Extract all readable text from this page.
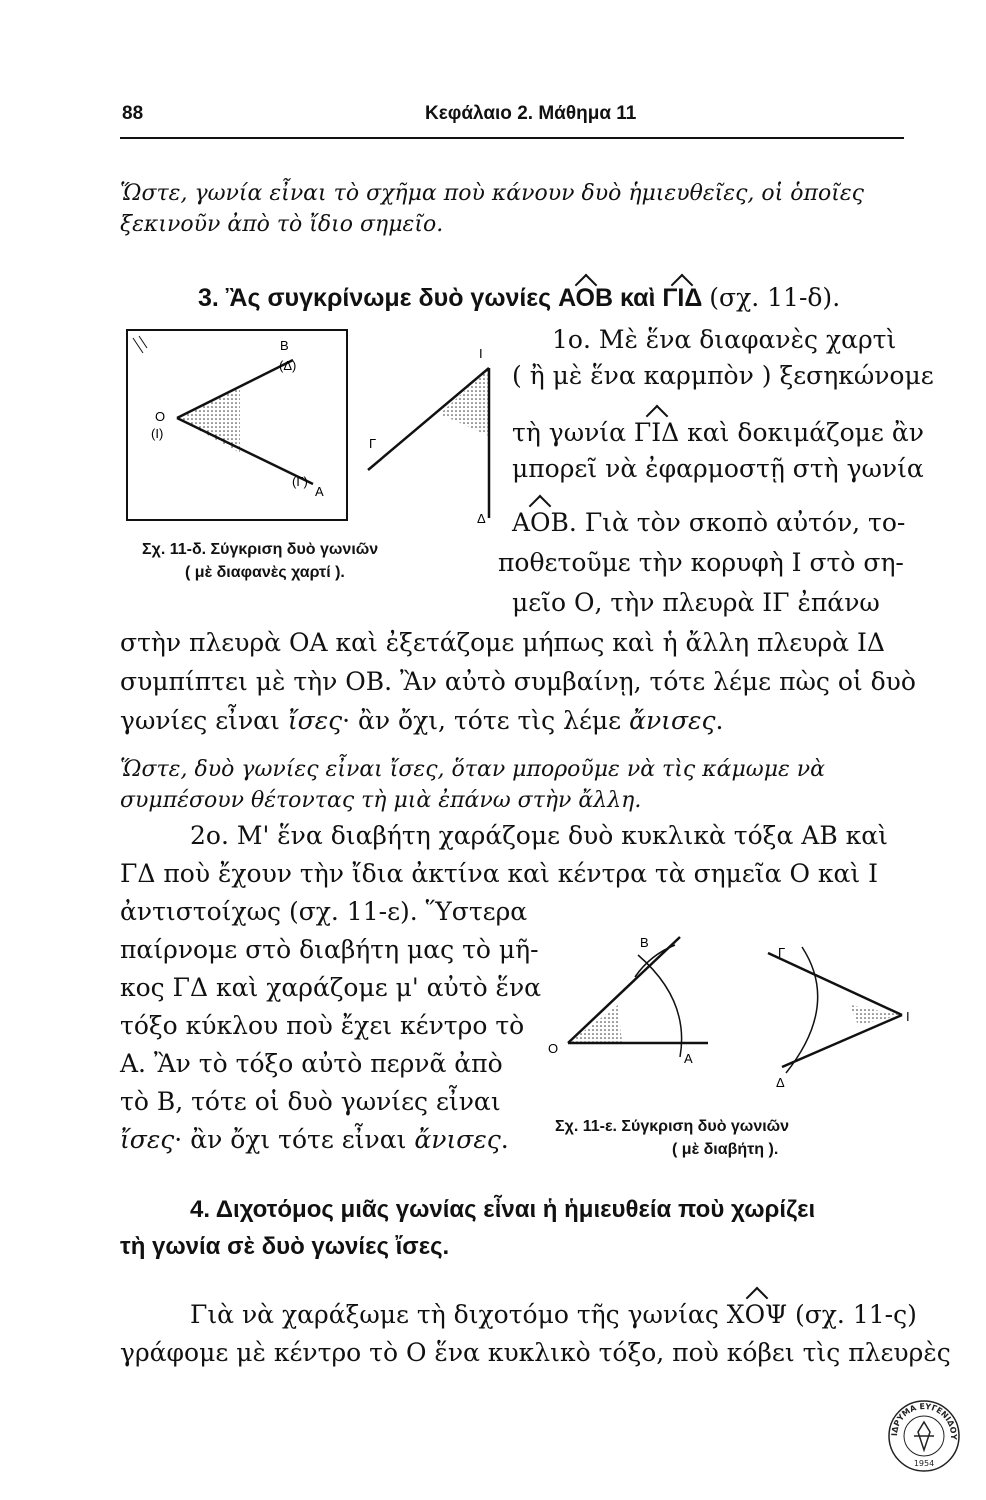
88	Κεφάλαιο 2. Μάθημα 11
Ὥστε, γωνία εἶναι τὸ σχῆμα ποὺ κάνουν δυὸ ἡμιευθεῖες, οἱ ὁποῖες ξεκινοῦν ἀπὸ τὸ ἴδιο σημεῖο.
3. Ἂς συγκρίνωμε δυὸ γωνίες ΑΟΒ καὶ ΓΙΔ (σχ. 11-δ).
O
(Ι)
B
(Δ)
A
(Γ)
Γ
I
Δ
Σχ. 11-δ. Σύγκριση δυὸ γωνιῶν
( μὲ διαφανὲς χαρτί ).
1ο. Μὲ ἕνα διαφανὲς χαρτὶ
( ἢ μὲ ἕνα καρμπὸν ) ξεσηκώνομε
τὴ γωνία ΓΙΔ καὶ δοκιμάζομε ἂν
μπορεῖ νὰ ἐφαρμοστῇ στὴ γωνία
ΑΟΒ. Γιὰ τὸν σκοπὸ αὐτόν, το-
ποθετοῦμε τὴν κορυφὴ Ι στὸ ση-
μεῖο Ο, τὴν πλευρὰ ΙΓ ἐπάνω
στὴν πλευρὰ ΟΑ καὶ ἐξετάζομε μήπως καὶ ἡ ἄλλη πλευρὰ ΙΔ
συμπίπτει μὲ τὴν ΟΒ. Ἂν αὐτὸ συμβαίνῃ, τότε λέμε πὼς οἱ δυὸ
γωνίες εἶναι ἴσες· ἂν ὄχι, τότε τὶς λέμε ἄνισες.
Ὥστε, δυὸ γωνίες εἶναι ἴσες, ὅταν μποροῦμε νὰ τὶς κάμωμε νὰ συμπέσουν θέτοντας τὴ μιὰ ἐπάνω στὴν ἄλλη.
2ο. Μ' ἕνα διαβήτη χαράζομε δυὸ κυκλικὰ τόξα ΑΒ καὶ
ΓΔ ποὺ ἔχουν τὴν ἴδια ἀκτίνα καὶ κέντρα τὰ σημεῖα Ο καὶ Ι
ἀντιστοίχως (σχ. 11-ε). Ὕστερα
παίρνομε στὸ διαβήτη μας τὸ μῆ-
κος ΓΔ καὶ χαράζομε μ' αὐτὸ ἕνα
τόξο κύκλου ποὺ ἔχει κέντρο τὸ
Α. Ἂν τὸ τόξο αὐτὸ περνᾶ ἀπὸ
τὸ Β, τότε οἱ δυὸ γωνίες εἶναι
ἴσες· ἂν ὄχι τότε εἶναι ἄνισες.
O
A
B
Γ
I
Δ
Σχ. 11-ε. Σύγκριση δυὸ γωνιῶν
( μὲ διαβήτη ).
4. Διχοτόμος μιᾶς γωνίας εἶναι ἡ ἡμιευθεία ποὺ χωρίζει
τὴ γωνία σὲ δυὸ γωνίες ἴσες.
Γιὰ νὰ χαράξωμε τὴ διχοτόμο τῆς γωνίας ΧΟΨ (σχ. 11-ς)
γράφομε μὲ κέντρο τὸ Ο ἕνα κυκλικὸ τόξο, ποὺ κόβει τὶς πλευρὲς
ΙΔΡΥΜΑ ΕΥΓΕΝΙΔΟΥ
1954
